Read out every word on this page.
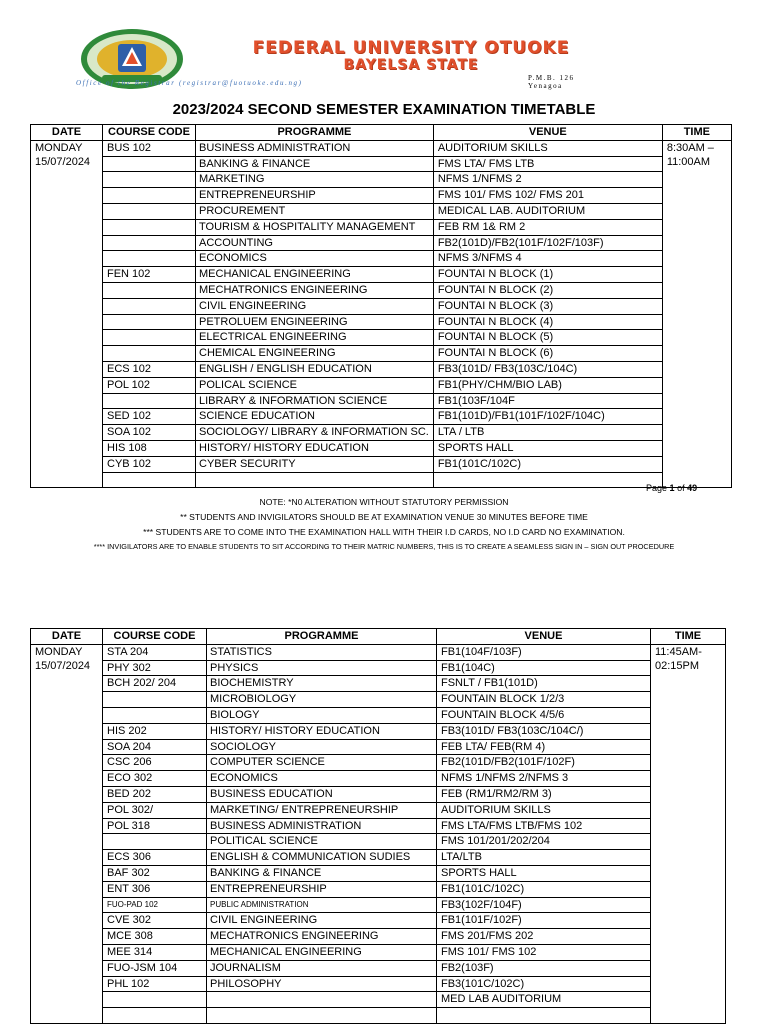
FEDERAL UNIVERSITY OTUOKE
BAYELSA STATE
Office of the Registrar (registrar@fuotuoke.edu.ng)
P.M.B. 126
Yenagoa
2023/2024 SECOND SEMESTER EXAMINATION TIMETABLE
DATE	COURSE CODE	PROGRAMME	VENUE	TIME

MONDAY
15/07/2024	BUS 102	BUSINESS ADMINISTRATION	AUDITORIUM SKILLS	8:30AM – 11:00AM
		BANKING & FINANCE	FMS LTA/ FMS LTB	
		MARKETING	NFMS 1/NFMS 2	
		ENTREPRENEURSHIP	FMS 101/ FMS 102/ FMS 201	
		PROCUREMENT	MEDICAL LAB. AUDITORIUM	
		TOURISM & HOSPITALITY MANAGEMENT	FEB RM 1& RM 2	
		ACCOUNTING	FB2(101D)/FB2(101F/102F/103F)	
		ECONOMICS	NFMS 3/NFMS 4	
	FEN 102	MECHANICAL ENGINEERING	FOUNTAI N BLOCK (1)	
		MECHATRONICS ENGINEERING	FOUNTAI N BLOCK (2)	
		CIVIL ENGINEERING	FOUNTAI N BLOCK (3)	
		PETROLUEM ENGINEERING	FOUNTAI N BLOCK (4)	
		ELECTRICAL ENGINEERING	FOUNTAI N BLOCK (5)	
		CHEMICAL ENGINEERING	FOUNTAI N BLOCK (6)	
	ECS 102	ENGLISH / ENGLISH EDUCATION	FB3(101D/ FB3(103C/104C)	
	POL 102	POLICAL SCIENCE	FB1(PHY/CHM/BIO LAB)	
		LIBRARY & INFORMATION SCIENCE	FB1(103F/104F	
	SED 102	SCIENCE EDUCATION	FB1(101D)/FB1(101F/102F/104C)	
	SOA 102	SOCIOLOGY/ LIBRARY & INFORMATION SC.	LTA / LTB	
	HIS 108	HISTORY/ HISTORY EDUCATION	SPORTS HALL	
	CYB 102	CYBER SECURITY	FB1(101C/102C)	

Page 1 of 49
NOTE: *N0 ALTERATION WITHOUT STATUTORY PERMISSION
** STUDENTS AND INVIGILATORS SHOULD BE AT EXAMINATION VENUE 30 MINUTES BEFORE TIME
*** STUDENTS ARE TO COME INTO THE EXAMINATION HALL WITH THEIR I.D CARDS, NO I.D CARD NO EXAMINATION.
**** INVIGILATORS ARE TO ENABLE STUDENTS TO SIT ACCORDING TO THEIR MATRIC NUMBERS, THIS IS TO CREATE A SEAMLESS SIGN IN – SIGN OUT PROCEDURE
DATE	COURSE CODE	PROGRAMME	VENUE	TIME

MONDAY
15/07/2024	STA 204	STATISTICS	FB1(104F/103F)	11:45AM- 02:15PM
	PHY 302	PHYSICS	FB1(104C)	
	BCH 202/ 204	BIOCHEMISTRY	FSNLT / FB1(101D)	
		MICROBIOLOGY	FOUNTAIN BLOCK 1/2/3	
		BIOLOGY	FOUNTAIN BLOCK 4/5/6	
	HIS 202	HISTORY/ HISTORY EDUCATION	FB3(101D/ FB3(103C/104C/)	
	SOA 204	SOCIOLOGY	FEB LTA/ FEB(RM 4)	
	CSC 206	COMPUTER SCIENCE	FB2(101D/FB2(101F/102F)	
	ECO 302	ECONOMICS	NFMS 1/NFMS 2/NFMS 3	
	BED 202	BUSINESS EDUCATION	FEB (RM1/RM2/RM 3)	
	POL 302/	MARKETING/ ENTREPRENEURSHIP	AUDITORIUM SKILLS	
	POL 318	BUSINESS ADMINISTRATION	FMS LTA/FMS LTB/FMS 102	
		POLITICAL SCIENCE	FMS 101/201/202/204	
	ECS 306	ENGLISH & COMMUNICATION SUDIES	LTA/LTB	
	BAF 302	BANKING & FINANCE	SPORTS HALL	
	ENT 306	ENTREPRENEURSHIP	FB1(101C/102C)	
	FUO-PAD 102	PUBLIC ADMINISTRATION	FB3(102F/104F)	
	CVE 302	CIVIL ENGINEERING	FB1(101F/102F)	
	MCE 308	MECHATRONICS ENGINEERING	FMS 201/FMS 202	
	MEE 314	MECHANICAL ENGINEERING	FMS 101/ FMS 102	
	FUO-JSM 104	JOURNALISM	FB2(103F)	
	PHL 102	PHILOSOPHY	FB3(101C/102C)	
			MED LAB AUDITORIUM	
